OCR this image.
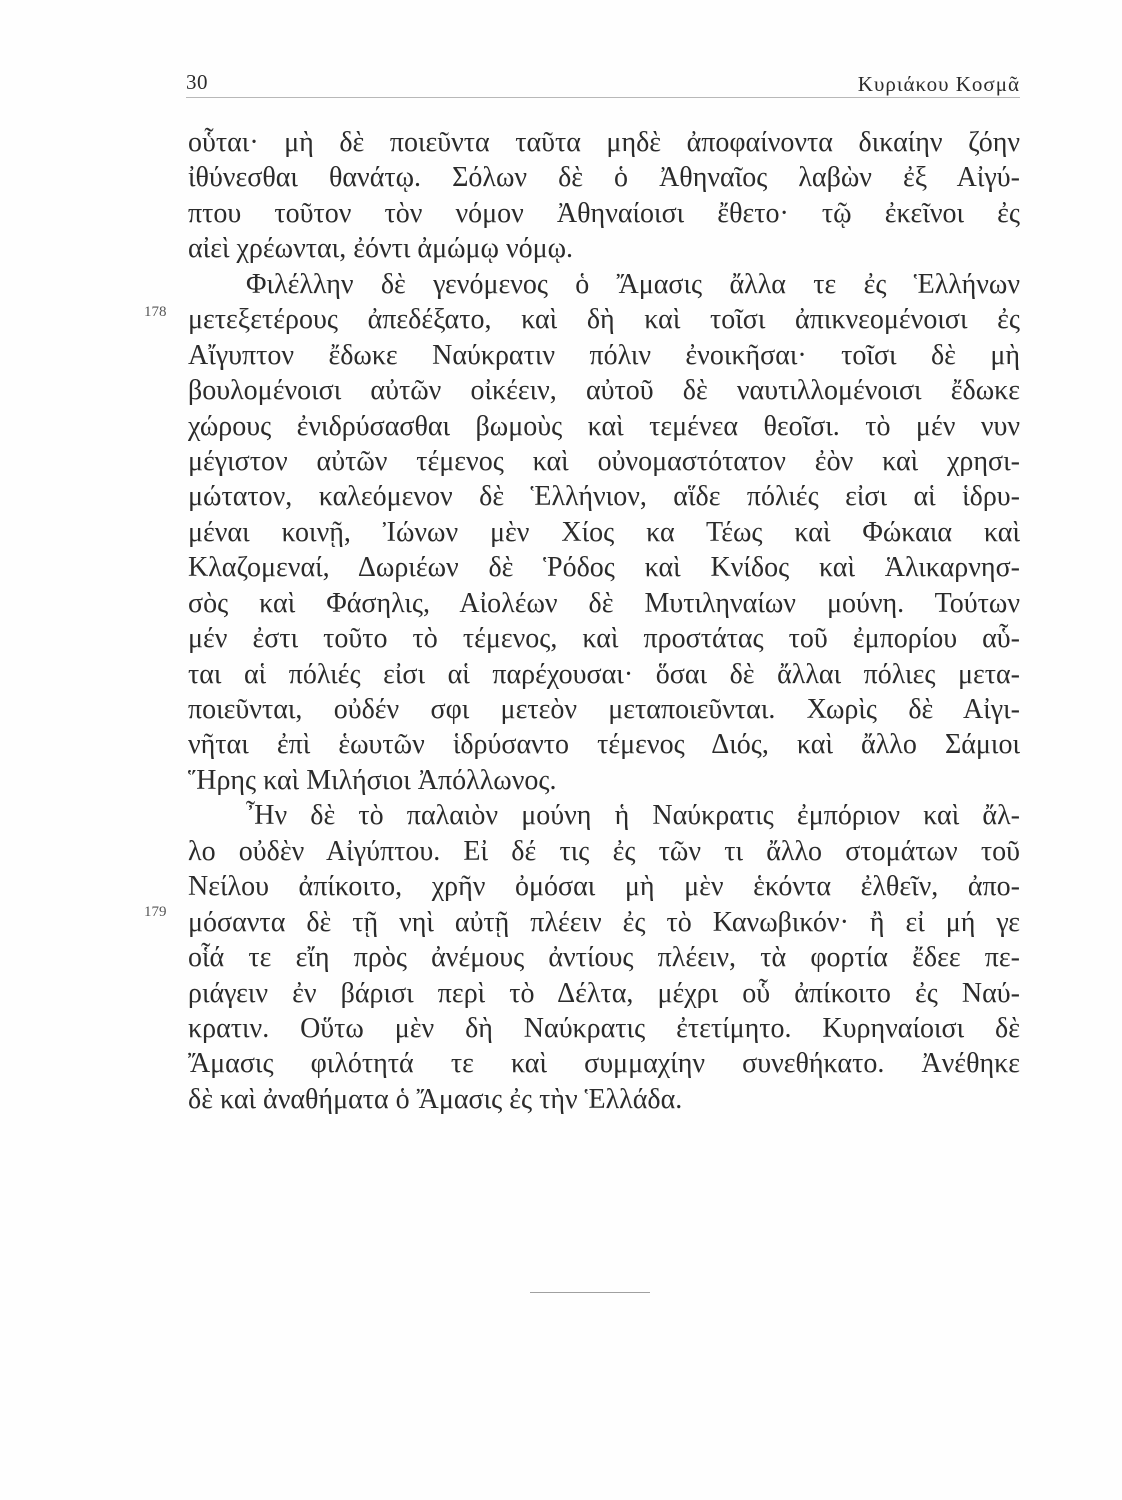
30	Κυριάκου Κοσμᾶ
178
179
οὗται· μὴ δὲ ποιεῦντα ταῦτα μηδὲ ἀποφαίνοντα δικαίην ζόην
ἰθύνεσθαι θανάτῳ. Σόλων δὲ ὁ Ἀθηναῖος λαβὼν ἐξ Αἰγύ-
πτου τοῦτον τὸν νόμον Ἀθηναίοισι ἔθετο· τῷ ἐκεῖνοι ἐς
αἰεὶ χρέωνται, ἐόντι ἀμώμῳ νόμῳ.
Φιλέλλην δὲ γενόμενος ὁ Ἄμασις ἄλλα τε ἐς Ἑλλήνων
μετεξετέρους ἀπεδέξατο, καὶ δὴ καὶ τοῖσι ἀπικνεομένοισι ἐς
Αἴγυπτον ἔδωκε Ναύκρατιν πόλιν ἐνοικῆσαι· τοῖσι δὲ μὴ
βουλομένοισι αὐτῶν οἰκέειν, αὐτοῦ δὲ ναυτιλλομένοισι ἔδωκε
χώρους ἐνιδρύσασθαι βωμοὺς καὶ τεμένεα θεοῖσι. τὸ μέν νυν
μέγιστον αὐτῶν τέμενος καὶ οὐνομαστότατον ἐὸν καὶ χρησι-
μώτατον, καλεόμενον δὲ Ἑλλήνιον, αἵδε πόλιές εἰσι αἱ ἱδρυ-
μέναι κοινῇ, Ἰώνων μὲν Χίος κα Τέως καὶ Φώκαια καὶ
Κλαζομεναί, Δωριέων δὲ Ῥόδος καὶ Κνίδος καὶ Ἁλικαρνησ-
σὸς καὶ Φάσηλις, Αἰολέων δὲ Μυτιληναίων μούνη. Τούτων
μέν ἐστι τοῦτο τὸ τέμενος, καὶ προστάτας τοῦ ἐμπορίου αὗ-
ται αἱ πόλιές εἰσι αἱ παρέχουσαι· ὅσαι δὲ ἄλλαι πόλιες μετα-
ποιεῦνται, οὐδέν σφι μετεὸν μεταποιεῦνται. Χωρὶς δὲ Αἰγι-
νῆται ἐπὶ ἑωυτῶν ἱδρύσαντο τέμενος Διός, καὶ ἄλλο Σάμιοι
Ἥρης καὶ Μιλήσιοι Ἀπόλλωνος.
Ἦν δὲ τὸ παλαιὸν μούνη ἡ Ναύκρατις ἐμπόριον καὶ ἄλ-
λο οὐδὲν Αἰγύπτου. Εἰ δέ τις ἐς τῶν τι ἄλλο στομάτων τοῦ
Νείλου ἀπίκοιτο, χρῆν ὀμόσαι μὴ μὲν ἑκόντα ἐλθεῖν, ἀπο-
μόσαντα δὲ τῇ νηὶ αὐτῇ πλέειν ἐς τὸ Κανωβικόν· ἢ εἰ μή γε
οἷά τε εἴη πρὸς ἀνέμους ἀντίους πλέειν, τὰ φορτία ἔδεε πε-
ριάγειν ἐν βάρισι περὶ τὸ Δέλτα, μέχρι οὗ ἀπίκοιτο ἐς Ναύ-
κρατιν. Οὕτω μὲν δὴ Ναύκρατις ἐτετίμητο. Κυρηναίοισι δὲ
Ἄμασις φιλότητά τε καὶ συμμαχίην συνεθήκατο. Ἀνέθηκε
δὲ καὶ ἀναθήματα ὁ Ἄμασις ἐς τὴν Ἑλλάδα.
